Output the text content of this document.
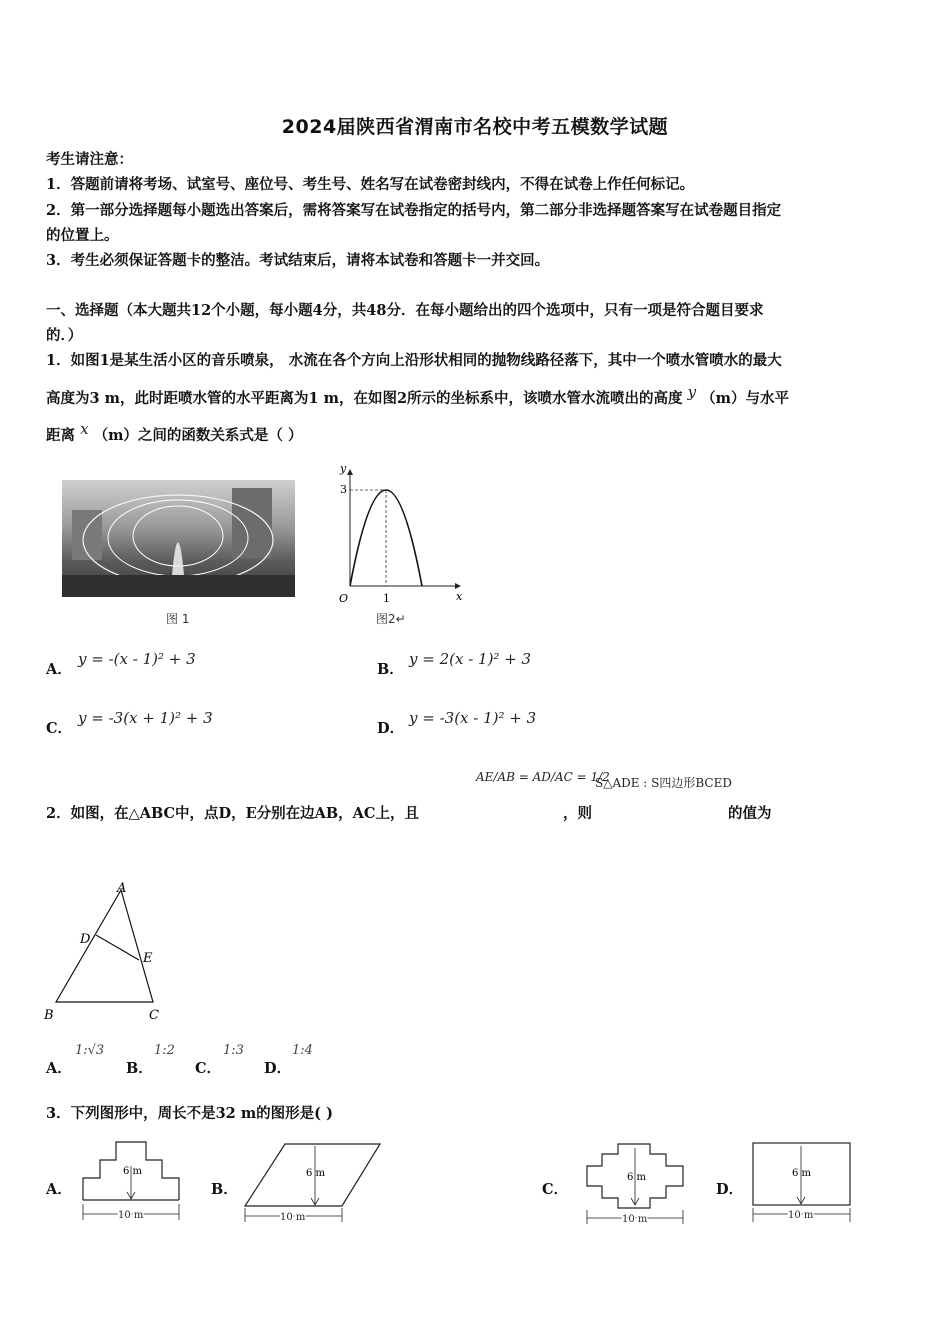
2024届陕西省渭南市名校中考五模数学试题
考生请注意：
1．答题前请将考场、试室号、座位号、考生号、姓名写在试卷密封线内，不得在试卷上作任何标记。
2．第一部分选择题每小题选出答案后，需将答案写在试卷指定的括号内，第二部分非选择题答案写在试卷题目指定
的位置上。
3．考生必须保证答题卡的整洁。考试结束后，请将本试卷和答题卡一并交回。
一、选择题（本大题共12个小题，每小题4分，共48分．在每小题给出的四个选项中，只有一项是符合题目要求
的．）
1．如图1是某生活小区的音乐喷泉， 水流在各个方向上沿形状相同的抛物线路径落下，其中一个喷水管喷水的最大
高度为3 m，此时距喷水管的水平距离为1 m，在如图2所示的坐标系中，该喷水管水流喷出的高度 y （m）与水平
距离 x （m）之间的函数关系式是（ ）
图 1
y
x
O
3
1
图2↵
A．
y = -(x - 1)² + 3
B．
y = 2(x - 1)² + 3
C．
y = -3(x + 1)² + 3
D．
y = -3(x - 1)² + 3
AE/AB = AD/AC = 1/2
S△ADE : S四边形BCED
2．如图，在△ABC中，点D，E分别在边AB，AC上，且	，则	的值为
A
D
E
B	C
A．
1:√3
B．
1:2
C．
1:3
D．
1:4
3．下列图形中，周长不是32 m的图形是( )
A．
6 m
10 m
B．
6 m
10 m
C．
6 m
10 m
D．
6 m
10 m
